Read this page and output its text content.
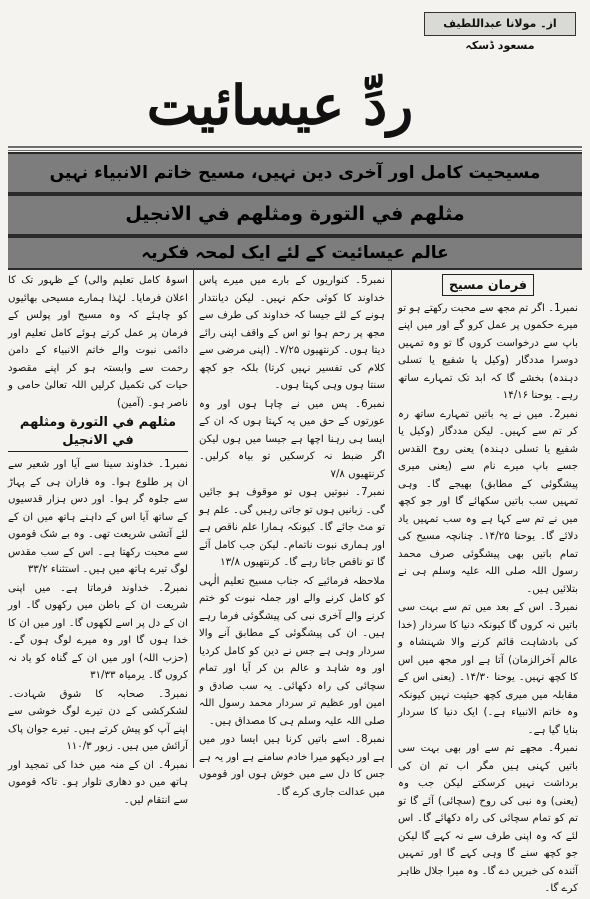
از۔ مولانا عبداللطیف مسعود ڈسکہ
ردِّ عیسائیت
مسیحیت کامل اور آخری دین نہیں، مسیح خاتم الانبیاء نہیں
مثلهم في التورة ومثلهم في الانجيل
عالم عیسائیت کے لئے ایک لمحہ فکریہ
فرمان مسیح

نمبر1۔ اگر تم مجھ سے محبت رکھتے ہو تو میرے حکموں پر عمل کرو گے اور میں اپنے باپ سے درخواست کروں گا تو وہ تمہیں دوسرا مددگار (وکیل یا شفیع یا تسلی دہندہ) بخشے گا کہ ابد تک تمہارے ساتھ رہے۔ یوحنا ۱۴/۱۶

نمبر2۔ میں نے یہ باتیں تمہارے ساتھ رہ کر تم سے کہیں۔ لیکن مددگار (وکیل یا شفیع یا تسلی دہندہ) یعنی روح القدس جسے باپ میرے نام سے (یعنی میری پیشگوئی کے مطابق) بھیجے گا۔ وہی تمہیں سب باتیں سکھائے گا اور جو کچھ میں نے تم سے کہا ہے وہ سب تمہیں یاد دلائے گا۔ یوحنا ۱۴/۲۵۔ چنانچہ مسیح کی تمام باتیں بھی پیشگوئی صرف محمد رسول اللہ صلی اللہ علیہ وسلم ہی نے بتلائیں ہیں۔

نمبر3۔ اس کے بعد میں تم سے بہت سی باتیں نہ کروں گا کیونکہ دنیا کا سردار (خدا کی بادشاہت قائم کرنے والا شہنشاہ و عالم آخرالزمان) آتا ہے اور مجھ میں اس کا کچھ نہیں۔ یوحنا ۱۴/۳۰۔ (یعنی اس کے مقابلہ میں میری کچھ حیثیت نہیں کیونکہ وہ خاتم الانبیاء ہے۔) ایک دنیا کا سردار بنایا گیا ہے۔

نمبر4۔ مجھے تم سے اور بھی بہت سی باتیں کہنی ہیں مگر اب تم ان کی برداشت نہیں کرسکتے لیکن جب وہ (یعنی) وہ نبی کی روح (سچائی) آئے گا تو تم کو تمام سچائی کی راہ دکھائے گا۔ اس لئے کہ وہ اپنی طرف سے نہ کہے گا لیکن جو کچھ سنے گا وہی کہے گا اور تمہیں آئندہ کی خبریں دے گا۔ وہ میرا جلال ظاہر کرے گا۔

نمبر5۔ کنواریوں کے بارے میں میرے پاس خداوند کا کوئی حکم نہیں۔ لیکن دیانتدار ہونے کے لئے جیسا کہ خداوند کی طرف سے مجھ پر رحم ہوا تو اس کے واقف اپنی رائے دیتا ہوں۔ کرنتھیوں ۷/۲۵۔ (اپنی مرضی سے کلام کی تفسیر نہیں کرتا) بلکہ جو کچھ سنتا ہوں وہی کہتا ہوں۔

نمبر6۔ پس میں نے چاہا ہوں اور وہ عورتوں کے حق میں یہ کہتا ہوں کہ ان کے ایسا ہی رہنا اچھا ہے جیسا میں ہوں لیکن اگر ضبط نہ کرسکیں تو بیاہ کرلیں۔ کرنتھیوں ۷/۸

نمبر7۔ نبوتیں ہوں تو موقوف ہو جائیں گی۔ زبانیں ہوں تو جاتی رہیں گی۔ علم ہو تو مٹ جائے گا۔ کیونکہ ہمارا علم ناقص ہے اور ہماری نبوت ناتمام۔ لیکن جب کامل آئے گا تو ناقص جاتا رہے گا۔ کرنتھیوں ۱۳/۸

ملاحظہ فرمائیے کہ جناب مسیح تعلیم الٰہی کو کامل کرنے والے اور جملہ نبوت کو ختم کرنے والے آخری نبی کی پیشگوئی فرما رہے ہیں۔ ان کی پیشگوئی کے مطابق آنے والا سردار وہی ہے جس نے دین کو کامل کردیا اور وہ شاہد و عالم بن کر آیا اور تمام سچائی کی راہ دکھائی۔ یہ سب صادق و امین اور عظیم تر سردار محمد رسول اللہ صلی اللہ علیہ وسلم ہی کا مصداق ہیں۔

نمبر8۔ اسے باتیں کرنا ہیں ایسا دور میں ہے اور دیکھو میرا خادم سامنے ہے اور یہ ہے جس کا دل سے میں خوش ہوں اور قوموں میں عدالت جاری کرے گا۔

اسوۂ کامل تعلیم والی) کے ظہور تک کا اعلان فرمایا۔ لہٰذا ہمارے مسیحی بھائیوں کو چاہئے کہ وہ مسیح اور پولس کے فرمان پر عمل کرتے ہوئے کامل تعلیم اور دائمی نبوت والے خاتم الانبیاء کے دامن رحمت سے وابستہ ہو کر اپنے مقصود حیات کی تکمیل کرلیں اللہ تعالیٰ حامی و ناصر ہو۔ (آمین)

مثلهم في التورة ومثلهم في الانجيل

نمبر1۔ خداوند سینا سے آیا اور شعیر سے ان پر طلوع ہوا۔ وہ فاران ہی کے پہاڑ سے جلوہ گر ہوا۔ اور دس ہزار قدسیوں کے ساتھ آیا اس کے داہنے ہاتھ میں ان کے لئے آتشی شریعت تھی۔ وہ بے شک قوموں سے محبت رکھتا ہے۔ اس کے سب مقدس لوگ تیرے ہاتھ میں ہیں۔ استثناء ۳۳/۲

نمبر2۔ خداوند فرماتا ہے۔ میں اپنی شریعت ان کے باطن میں رکھوں گا۔ اور ان کے دل پر اسے لکھوں گا۔ اور میں ان کا خدا ہوں گا اور وہ میرے لوگ ہوں گے۔ (حزب اللہ) اور میں ان کے گناہ کو یاد نہ کروں گا۔ یرمیاہ ۳۱/۳۳

نمبر3۔ صحابہ کا شوق شہادت۔ لشکرکشی کے دن تیرے لوگ خوشی سے اپنے آپ کو پیش کرتے ہیں۔ تیرے جوان پاک آرائش میں ہیں۔ زبور ۱۱۰/۳

نمبر4۔ ان کے منہ میں خدا کی تمجید اور ہاتھ میں دو دھاری تلوار ہو۔ تاکہ قوموں سے انتقام لیں۔
